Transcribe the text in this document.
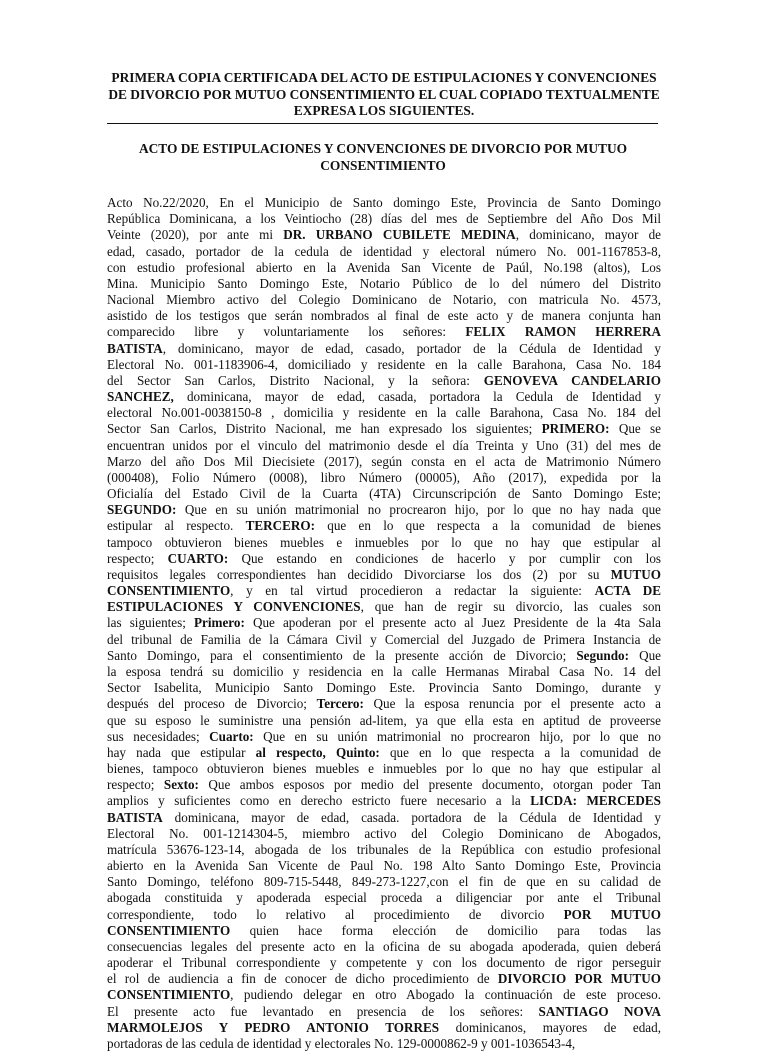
PRIMERA COPIA CERTIFICADA DEL ACTO DE ESTIPULACIONES Y CONVENCIONES DE DIVORCIO POR MUTUO CONSENTIMIENTO EL CUAL COPIADO TEXTUALMENTE EXPRESA LOS SIGUIENTES.
ACTO DE ESTIPULACIONES Y CONVENCIONES DE DIVORCIO POR MUTUO CONSENTIMIENTO
Acto No.22/2020, En el Municipio de Santo domingo Este, Provincia de Santo Domingo
República Dominicana, a los Veintiocho (28) días del mes de Septiembre del Año Dos Mil
Veinte (2020), por ante mi DR. URBANO CUBILETE MEDINA, dominicano, mayor de
edad, casado, portador de la cedula de identidad y electoral número No. 001-1167853-8,
con estudio profesional abierto en la Avenida San Vicente de Paúl, No.198 (altos), Los
Mina. Municipio Santo Domingo Este, Notario Público de lo del número del Distrito
Nacional Miembro activo del Colegio Dominicano de Notario, con matricula No. 4573,
asistido de los testigos que serán nombrados al final de este acto y de manera conjunta han
comparecido libre y voluntariamente los señores: FELIX RAMON HERRERA
BATISTA, dominicano, mayor de edad, casado, portador de la Cédula de Identidad y
Electoral No. 001-1183906-4, domiciliado y residente en la calle Barahona, Casa No. 184
del Sector San Carlos, Distrito Nacional, y la señora: GENOVEVA CANDELARIO
SANCHEZ, dominicana, mayor de edad, casada, portadora la Cedula de Identidad y
electoral No.001-0038150-8 , domicilia y residente en la calle Barahona, Casa No. 184 del
Sector San Carlos, Distrito Nacional, me han expresado los siguientes; PRIMERO: Que se
encuentran unidos por el vinculo del matrimonio desde el día Treinta y Uno (31) del mes de
Marzo del año Dos Mil Diecisiete (2017), según consta en el acta de Matrimonio Número
(000408), Folio Número (0008), libro Número (00005), Año (2017), expedida por la
Oficialía del Estado Civil de la Cuarta (4TA) Circunscripción de Santo Domingo Este;
SEGUNDO: Que en su unión matrimonial no procrearon hijo, por lo que no hay nada que
estipular al respecto. TERCERO: que en lo que respecta a la comunidad de bienes
tampoco obtuvieron bienes muebles e inmuebles por lo que no hay que estipular al
respecto; CUARTO: Que estando en condiciones de hacerlo y por cumplir con los
requisitos legales correspondientes han decidido Divorciarse los dos (2) por su MUTUO
CONSENTIMIENTO, y en tal virtud procedieron a redactar la siguiente: ACTA DE
ESTIPULACIONES Y CONVENCIONES, que han de regir su divorcio, las cuales son
las siguientes; Primero: Que apoderan por el presente acto al Juez Presidente de la 4ta Sala
del tribunal de Familia de la Cámara Civil y Comercial del Juzgado de Primera Instancia de
Santo Domingo, para el consentimiento de la presente acción de Divorcio; Segundo: Que
la esposa tendrá su domicilio y residencia en la calle Hermanas Mirabal Casa No. 14 del
Sector Isabelita, Municipio Santo Domingo Este. Provincia Santo Domingo, durante y
después del proceso de Divorcio; Tercero: Que la esposa renuncia por el presente acto a
que su esposo le suministre una pensión ad-litem, ya que ella esta en aptitud de proveerse
sus necesidades; Cuarto: Que en su unión matrimonial no procrearon hijo, por lo que no
hay nada que estipular al respecto, Quinto: que en lo que respecta a la comunidad de
bienes, tampoco obtuvieron bienes muebles e inmuebles por lo que no hay que estipular al
respecto; Sexto: Que ambos esposos por medio del presente documento, otorgan poder Tan
amplios y suficientes como en derecho estricto fuere necesario a la LICDA: MERCEDES
BATISTA dominicana, mayor de edad, casada. portadora de la Cédula de Identidad y
Electoral No. 001-1214304-5, miembro activo del Colegio Dominicano de Abogados,
matrícula 53676-123-14, abogada de los tribunales de la República con estudio profesional
abierto en la Avenida San Vicente de Paul No. 198 Alto Santo Domingo Este, Provincia
Santo Domingo, teléfono 809-715-5448, 849-273-1227,con el fin de que en su calidad de
abogada constituida y apoderada especial proceda a diligenciar por ante el Tribunal
correspondiente, todo lo relativo al procedimiento de divorcio POR MUTUO
CONSENTIMIENTO quien hace forma elección de domicilio para todas las
consecuencias legales del presente acto en la oficina de su abogada apoderada, quien deberá
apoderar el Tribunal correspondiente y competente y con los documento de rigor perseguir
el rol de audiencia a fin de conocer de dicho procedimiento de DIVORCIO POR MUTUO
CONSENTIMIENTO, pudiendo delegar en otro Abogado la continuación de este proceso.
El presente acto fue levantado en presencia de los señores: SANTIAGO NOVA
MARMOLEJOS Y PEDRO ANTONIO TORRES dominicanos, mayores de edad,
portadoras de las cedula de identidad y electorales No. 129-0000862-9 y 001-1036543-4,
